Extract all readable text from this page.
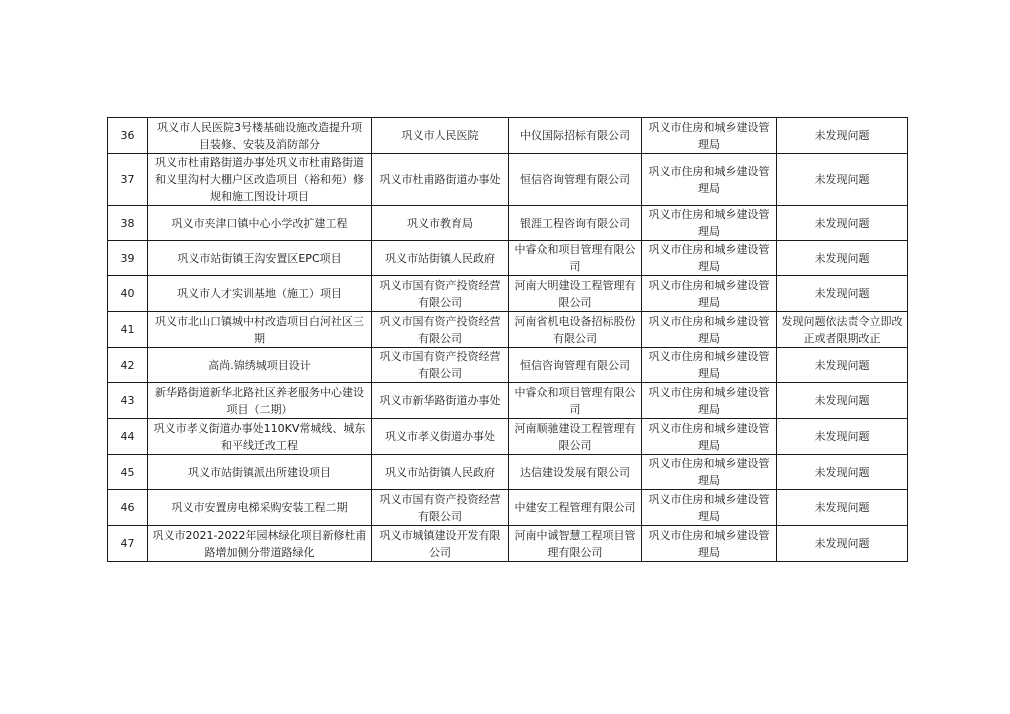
36	巩义市人民医院3号楼基础设施改造提升项目装修、安装及消防部分	巩义市人民医院	中仪国际招标有限公司	巩义市住房和城乡建设管理局	未发现问题
37	巩义市杜甫路街道办事处巩义市杜甫路街道和义里沟村大棚户区改造项目（裕和苑）修规和施工图设计项目	巩义市杜甫路街道办事处	恒信咨询管理有限公司	巩义市住房和城乡建设管理局	未发现问题
38	巩义市夹津口镇中心小学改扩建工程	巩义市教育局	银涯工程咨询有限公司	巩义市住房和城乡建设管理局	未发现问题
39	巩义市站街镇王沟安置区EPC项目	巩义市站街镇人民政府	中睿众和项目管理有限公司	巩义市住房和城乡建设管理局	未发现问题
40	巩义市人才实训基地（施工）项目	巩义市国有资产投资经营有限公司	河南大明建设工程管理有限公司	巩义市住房和城乡建设管理局	未发现问题
41	巩义市北山口镇城中村改造项目白河社区三期	巩义市国有资产投资经营有限公司	河南省机电设备招标股份有限公司	巩义市住房和城乡建设管理局	发现问题依法责令立即改正或者限期改正
42	高尚.锦绣城项目设计	巩义市国有资产投资经营有限公司	恒信咨询管理有限公司	巩义市住房和城乡建设管理局	未发现问题
43	新华路街道新华北路社区养老服务中心建设项目（二期）	巩义市新华路街道办事处	中睿众和项目管理有限公司	巩义市住房和城乡建设管理局	未发现问题
44	巩义市孝义街道办事处110KV常城线、城东和平线迁改工程	巩义市孝义街道办事处	河南顺驰建设工程管理有限公司	巩义市住房和城乡建设管理局	未发现问题
45	巩义市站街镇派出所建设项目	巩义市站街镇人民政府	达信建设发展有限公司	巩义市住房和城乡建设管理局	未发现问题
46	巩义市安置房电梯采购安装工程二期	巩义市国有资产投资经营有限公司	中建安工程管理有限公司	巩义市住房和城乡建设管理局	未发现问题
47	巩义市2021-2022年园林绿化项目新修杜甫路增加侧分带道路绿化	巩义市城镇建设开发有限公司	河南中诚智慧工程项目管理有限公司	巩义市住房和城乡建设管理局	未发现问题
